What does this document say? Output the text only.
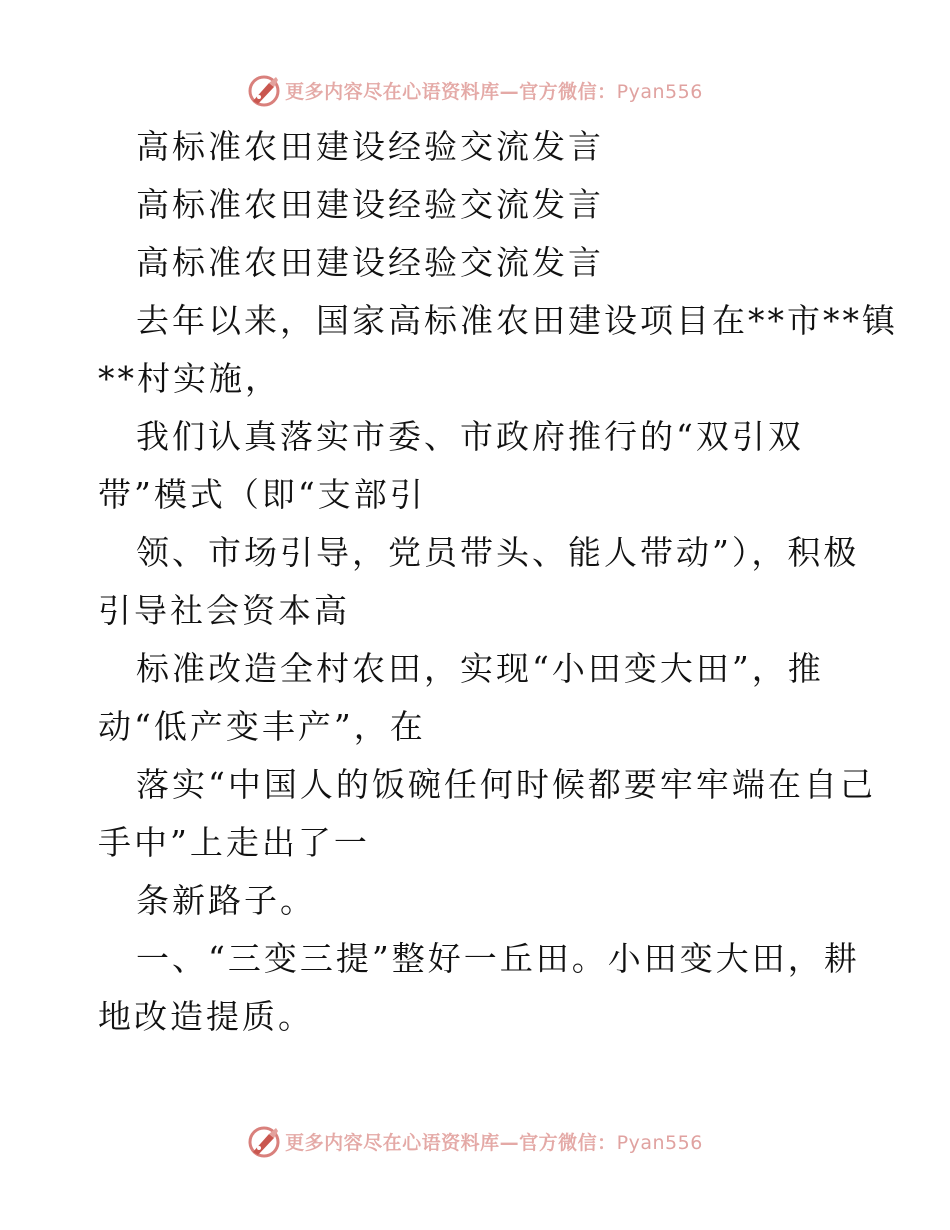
更多内容尽在心语资料库—官方微信：Pyan556
高标准农田建设经验交流发言
高标准农田建设经验交流发言
高标准农田建设经验交流发言
去年以来，国家高标准农田建设项目在**市**镇
**村实施，
我们认真落实市委、市政府推行的“双引双
带”模式（即“支部引
领、市场引导，党员带头、能人带动”），积极
引导社会资本高
标准改造全村农田，实现“小田变大田”，推
动“低产变丰产”，在
落实“中国人的饭碗任何时候都要牢牢端在自己
手中”上走出了一
条新路子。
一、“三变三提”整好一丘田。小田变大田，耕
地改造提质。
更多内容尽在心语资料库—官方微信：Pyan556
